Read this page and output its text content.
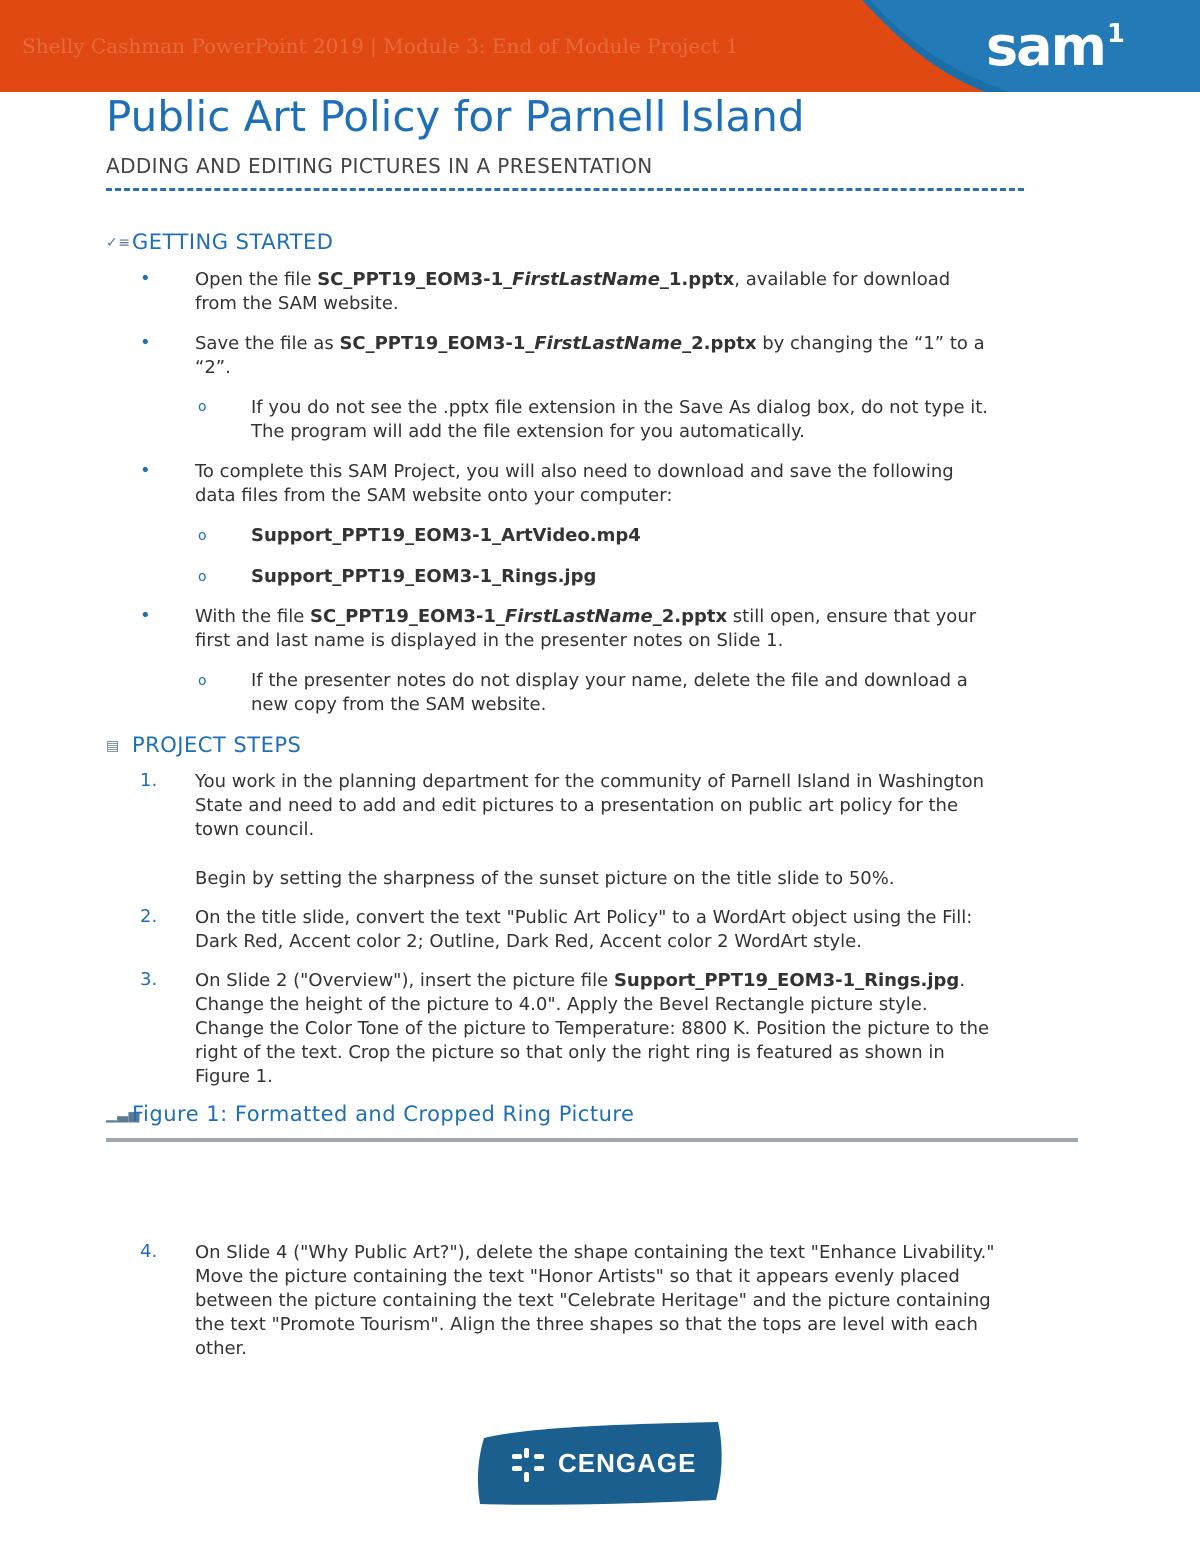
Shelly Cashman PowerPoint 2019 | Module 3: End of Module Project 1	sam$^1$
Public Art Policy for Parnell Island
ADDING AND EDITING PICTURES IN A PRESENTATION
✓≡GETTING STARTED
• Open the file SC_PPT19_EOM3-1_FirstLastName_1.pptx, available for download
from the SAM website.

• Save the file as SC_PPT19_EOM3-1_FirstLastName_2.pptx by changing the “1” to a
“2”.

o If you do not see the .pptx file extension in the Save As dialog box, do not type it.
The program will add the file extension for you automatically.

• To complete this SAM Project, you will also need to download and save the following
data files from the SAM website onto your computer:

o Support_PPT19_EOM3-1_ArtVideo.mp4

o Support_PPT19_EOM3-1_Rings.jpg

• With the file SC_PPT19_EOM3-1_FirstLastName_2.pptx still open, ensure that your
first and last name is displayed in the presenter notes on Slide 1.

o If the presenter notes do not display your name, delete the file and download a
new copy from the SAM website.

▤ PROJECT STEPS
1. You work in the planning department for the community of Parnell Island in Washington
State and need to add and edit pictures to a presentation on public art policy for the
town council.

Begin by setting the sharpness of the sunset picture on the title slide to 50%.

2. On the title slide, convert the text "Public Art Policy" to a WordArt object using the Fill:
Dark Red, Accent color 2; Outline, Dark Red, Accent color 2 WordArt style.

3. On Slide 2 ("Overview"), insert the picture file Support_PPT19_EOM3-1_Rings.jpg.
Change the height of the picture to 4.0". Apply the Bevel Rectangle picture style.
Change the Color Tone of the picture to Temperature: 8800 K. Position the picture to the
right of the text. Crop the picture so that only the right ring is featured as shown in
Figure 1.

▁▃▅Figure 1: Formatted and Cropped Ring Picture
4. On Slide 4 ("Why Public Art?"), delete the shape containing the text "Enhance Livability."
Move the picture containing the text "Honor Artists" so that it appears evenly placed
between the picture containing the text "Celebrate Heritage" and the picture containing
the text "Promote Tourism". Align the three shapes so that the tops are level with each
other.

CENGAGE
